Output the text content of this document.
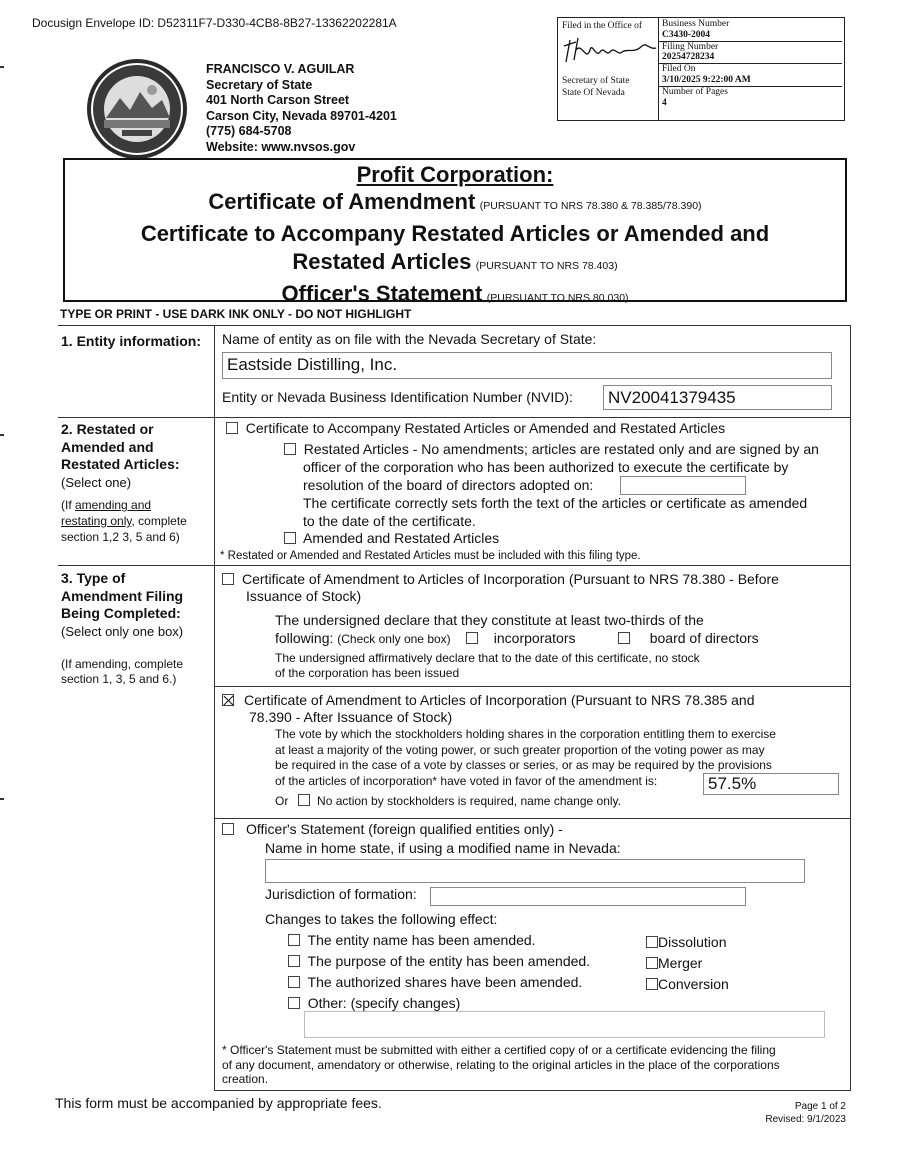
Docusign Envelope ID: D52311F7-D330-4CB8-8B27-13362202281A
FRANCISCO V. AGUILAR
Secretary of State
401 North Carson Street
Carson City, Nevada 89701-4201
(775) 684-5708
Website: www.nvsos.gov
Filed in the Office of
Secretary of State
State Of Nevada
Business Number
C3430-2004
Filing Number
20254728234
Filed On
3/10/2025 9:22:00 AM
Number of Pages
4
Profit Corporation:
Certificate of Amendment (PURSUANT TO NRS 78.380 & 78.385/78.390)
Certificate to Accompany Restated Articles or Amended and
Restated Articles (PURSUANT TO NRS 78.403)
Officer's Statement (PURSUANT TO NRS 80.030)
TYPE OR PRINT - USE DARK INK ONLY - DO NOT HIGHLIGHT
1. Entity information: Name of entity as on file with the Nevada Secretary of State:
Eastside Distilling, Inc.
Entity or Nevada Business Identification Number (NVID): NV20041379435
2. Restated or
Amended and
Restated Articles:
(Select one)
(If amending and
restating only, complete
section 1,2 3, 5 and 6)
Certificate to Accompany Restated Articles or Amended and Restated Articles
Restated Articles - No amendments; articles are restated only and are signed by an
officer of the corporation who has been authorized to execute the certificate by
resolution of the board of directors adopted on:
The certificate correctly sets forth the text of the articles or certificate as amended
to the date of the certificate.
Amended and Restated Articles
* Restated or Amended and Restated Articles must be included with this filing type.
3. Type of
Amendment Filing
Being Completed:
(Select only one box)
(If amending, complete
section 1, 3, 5 and 6.)
Certificate of Amendment to Articles of Incorporation (Pursuant to NRS 78.380 - Before
Issuance of Stock)
The undersigned declare that they constitute at least two-thirds of the
following: (Check only one box)	incorporators	board of directors
The undersigned affirmatively declare that to the date of this certificate, no stock
of the corporation has been issued
Certificate of Amendment to Articles of Incorporation (Pursuant to NRS 78.385 and
78.390 - After Issuance of Stock)
The vote by which the stockholders holding shares in the corporation entitling them to exercise
at least a majority of the voting power, or such greater proportion of the voting power as may
be required in the case of a vote by classes or series, or as may be required by the provisions
of the articles of incorporation* have voted in favor of the amendment is:	57.5%
Or No action by stockholders is required, name change only.
Officer's Statement (foreign qualified entities only) -
Name in home state, if using a modified name in Nevada:
Jurisdiction of formation:
Changes to takes the following effect:
The entity name has been amended.
The purpose of the entity has been amended.
The authorized shares have been amended.
Other: (specify changes)
Dissolution
Merger
Conversion
* Officer's Statement must be submitted with either a certified copy of or a certificate evidencing the filing
of any document, amendatory or otherwise, relating to the original articles in the place of the corporations
creation.
This form must be accompanied by appropriate fees.	Page 1 of 2
Revised: 9/1/2023
